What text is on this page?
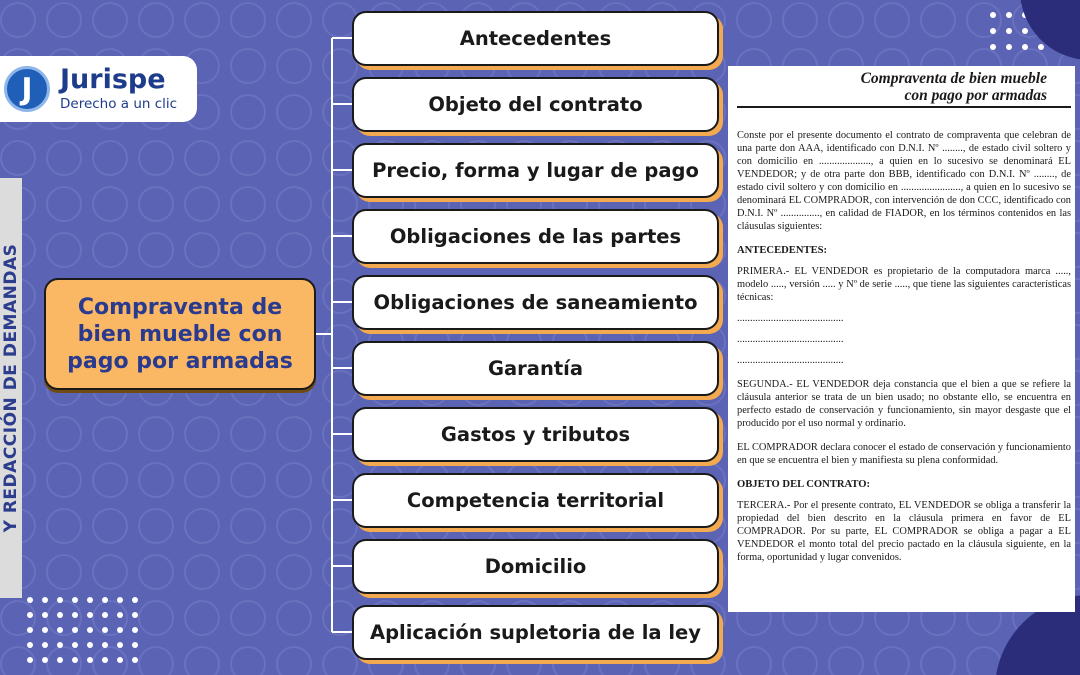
J	Jurispe
Derecho a un clic
Y REDACCIÓN DE DEMANDAS	Compraventa de bien mueble con pago por armadas
Antecedentes
Objeto del contrato
Precio, forma y lugar de pago
Obligaciones de las partes
Obligaciones de saneamiento
Garantía
Gastos y tributos
Competencia territorial
Domicilio
Aplicación supletoria de la ley
Compraventa de bien mueble
con pago por armadas
Conste por el presente documento el contrato de compraventa que celebran de una parte don AAA, identificado con D.N.I. Nº ........, de estado civil soltero y con domicilio en ...................., a quien en lo sucesivo se denominará EL VENDEDOR; y de otra parte don BBB, identificado con D.N.I. Nº ........, de estado civil soltero y con domicilio en ......................., a quien en lo sucesivo se denominará EL COMPRADOR, con intervención de don CCC, identificado con D.N.I. Nº ..............., en calidad de FIADOR, en los términos contenidos en las cláusulas siguientes:
ANTECEDENTES:
PRIMERA.- EL VENDEDOR es propietario de la computadora marca ....., modelo ....., versión ..... y Nº de serie ....., que tiene las siguientes características técnicas:
.........................................
.........................................
.........................................
SEGUNDA.- EL VENDEDOR deja constancia que el bien a que se refiere la cláusula anterior se trata de un bien usado; no obstante ello, se encuentra en perfecto estado de conservación y funcionamiento, sin mayor desgaste que el producido por el uso normal y ordinario.
EL COMPRADOR declara conocer el estado de conservación y funcionamiento en que se encuentra el bien y manifiesta su plena conformidad.
OBJETO DEL CONTRATO:
TERCERA.- Por el presente contrato, EL VENDEDOR se obliga a transferir la propiedad del bien descrito en la cláusula primera en favor de EL COMPRADOR. Por su parte, EL COMPRADOR se obliga a pagar a EL VENDEDOR el monto total del precio pactado en la cláusula siguiente, en la forma, oportunidad y lugar convenidos.
